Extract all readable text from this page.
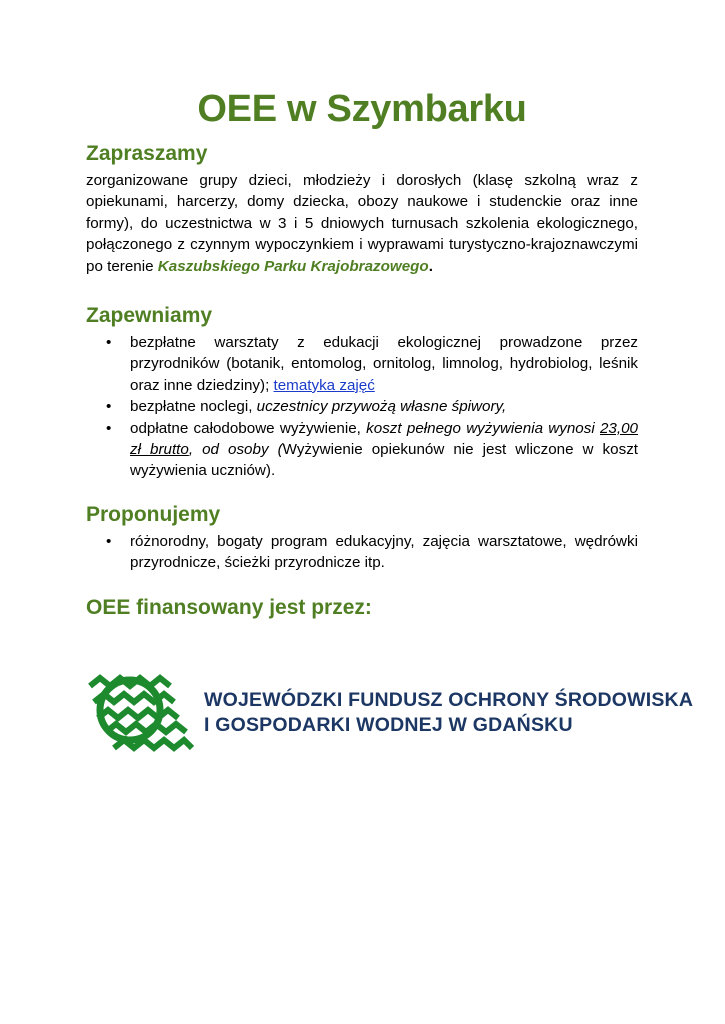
OEE w Szymbarku
Zapraszamy
zorganizowane grupy dzieci, młodzieży i dorosłych (klasę szkolną wraz z opiekunami, harcerzy, domy dziecka, obozy naukowe i studenckie oraz inne formy), do uczestnictwa w 3 i 5 dniowych turnusach szkolenia ekologicznego, połączonego z czynnym wypoczynkiem i wyprawami turystyczno-krajoznawczymi po terenie Kaszubskiego Parku Krajobrazowego.
Zapewniamy
• bezpłatne warsztaty z edukacji ekologicznej prowadzone przez przyrodników (botanik, entomolog, ornitolog, limnolog, hydrobiolog, leśnik oraz inne dziedziny); tematyka zajęć
• bezpłatne noclegi, uczestnicy przywożą własne śpiwory,
• odpłatne całodobowe wyżywienie, koszt pełnego wyżywienia wynosi 23,00 zł brutto, od osoby (Wyżywienie opiekunów nie jest wliczone w koszt wyżywienia uczniów).
Proponujemy
• różnorodny, bogaty program edukacyjny, zajęcia warsztatowe, wędrówki przyrodnicze, ścieżki przyrodnicze itp.
OEE finansowany jest przez:
WOJEWÓDZKI FUNDUSZ OCHRONY ŚRODOWISKA
I GOSPODARKI WODNEJ W GDAŃSKU
